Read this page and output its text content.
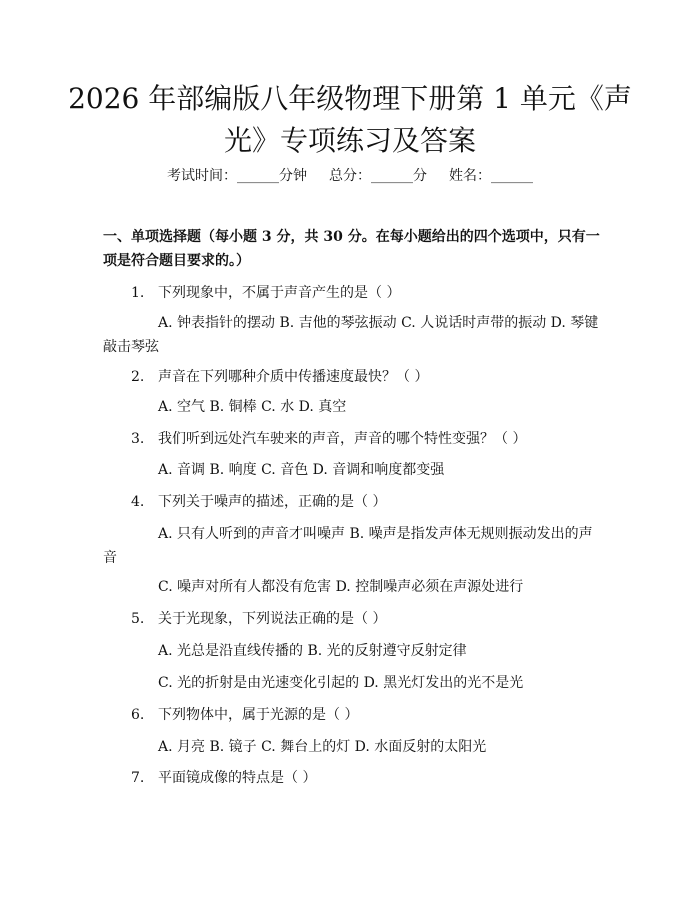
2026 年部编版八年级物理下册第 1 单元《声光》专项练习及答案
考试时间：______分钟 总分：______分 姓名：______

一、单项选择题（每小题 3 分，共 30 分。在每小题给出的四个选项中，只有一项是符合题目要求的。）

1. 下列现象中，不属于声音产生的是（ ）

A. 钟表指针的摆动 B. 吉他的琴弦振动 C. 人说话时声带的振动 D. 琴键敲击琴弦

2. 声音在下列哪种介质中传播速度最快？（ ）
A. 空气 B. 铜棒 C. 水 D. 真空
3. 我们听到远处汽车驶来的声音，声音的哪个特性变强？（ ）
A. 音调 B. 响度 C. 音色 D. 音调和响度都变强
4. 下列关于噪声的描述，正确的是（ ）

A. 只有人听到的声音才叫噪声 B. 噪声是指发声体无规则振动发出的声音

C. 噪声对所有人都没有危害 D. 控制噪声必须在声源处进行
5. 关于光现象，下列说法正确的是（ ）
A. 光总是沿直线传播的 B. 光的反射遵守反射定律
C. 光的折射是由光速变化引起的 D. 黑光灯发出的光不是光
6. 下列物体中，属于光源的是（ ）
A. 月亮 B. 镜子 C. 舞台上的灯 D. 水面反射的太阳光
7. 平面镜成像的特点是（ ）
